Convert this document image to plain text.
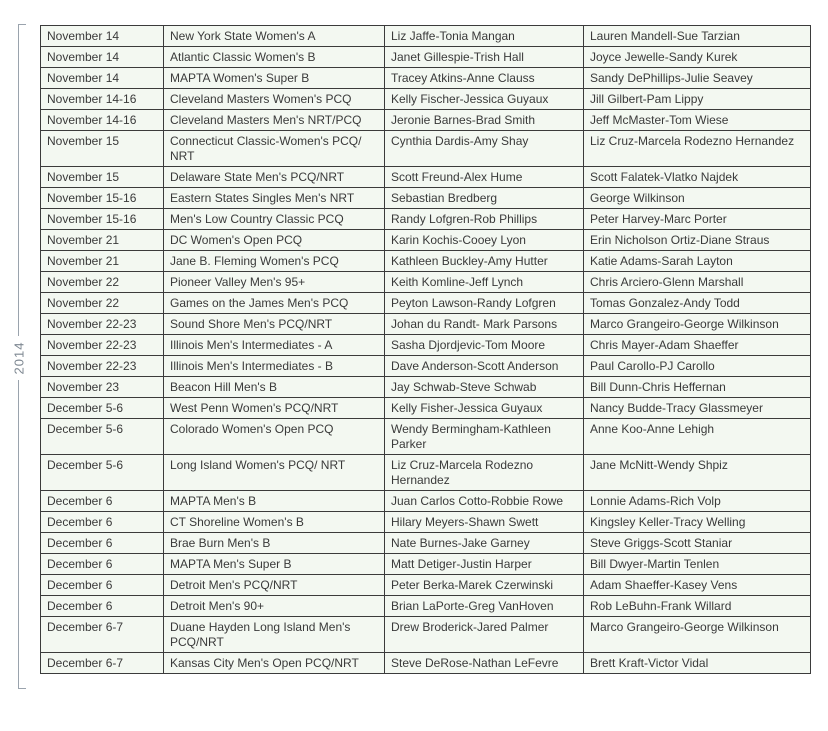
2014
November 14	New York State Women's A	Liz Jaffe-Tonia Mangan	Lauren Mandell-Sue Tarzian
November 14	Atlantic Classic Women's B	Janet Gillespie-Trish Hall	Joyce Jewelle-Sandy Kurek
November 14	MAPTA Women's Super B	Tracey Atkins-Anne Clauss	Sandy DePhillips-Julie Seavey
November 14-16	Cleveland Masters Women's PCQ	Kelly Fischer-Jessica Guyaux	Jill Gilbert-Pam Lippy
November 14-16	Cleveland Masters Men's NRT/PCQ	Jeronie Barnes-Brad Smith	Jeff McMaster-Tom Wiese
November 15	Connecticut Classic-Women's PCQ/ NRT	Cynthia Dardis-Amy Shay	Liz Cruz-Marcela Rodezno Hernandez
November 15	Delaware State Men's PCQ/NRT	Scott Freund-Alex Hume	Scott Falatek-Vlatko Najdek
November 15-16	Eastern States Singles Men's NRT	Sebastian Bredberg	George Wilkinson
November 15-16	Men's Low Country Classic PCQ	Randy Lofgren-Rob Phillips	Peter Harvey-Marc Porter
November 21	DC Women's Open PCQ	Karin Kochis-Cooey Lyon	Erin Nicholson Ortiz-Diane Straus
November 21	Jane B. Fleming Women's PCQ	Kathleen Buckley-Amy Hutter	Katie Adams-Sarah Layton
November 22	Pioneer Valley Men's 95+	Keith Komline-Jeff Lynch	Chris Arciero-Glenn Marshall
November 22	Games on the James Men's PCQ	Peyton Lawson-Randy Lofgren	Tomas Gonzalez-Andy Todd
November 22-23	Sound Shore Men's PCQ/NRT	Johan du Randt- Mark Parsons	Marco Grangeiro-George Wilkinson
November 22-23	Illinois Men's Intermediates - A	Sasha Djordjevic-Tom Moore	Chris Mayer-Adam Shaeffer
November 22-23	Illinois Men's Intermediates - B	Dave Anderson-Scott Anderson	Paul Carollo-PJ Carollo
November 23	Beacon Hill Men's B	Jay Schwab-Steve Schwab	Bill Dunn-Chris Heffernan
December 5-6	West Penn Women's PCQ/NRT	Kelly Fisher-Jessica Guyaux	Nancy Budde-Tracy Glassmeyer
December 5-6	Colorado Women's Open PCQ	Wendy Bermingham-Kathleen Parker	Anne Koo-Anne Lehigh
December 5-6	Long Island Women's PCQ/ NRT	Liz Cruz-Marcela Rodezno Hernandez	Jane McNitt-Wendy Shpiz
December 6	MAPTA Men's B	Juan Carlos Cotto-Robbie Rowe	Lonnie Adams-Rich Volp
December 6	CT Shoreline Women's B	Hilary Meyers-Shawn Swett	Kingsley Keller-Tracy Welling
December 6	Brae Burn Men's B	Nate Burnes-Jake Garney	Steve Griggs-Scott Staniar
December 6	MAPTA Men's Super B	Matt Detiger-Justin Harper	Bill Dwyer-Martin Tenlen
December 6	Detroit Men's PCQ/NRT	Peter Berka-Marek Czerwinski	Adam Shaeffer-Kasey Vens
December 6	Detroit Men's 90+	Brian LaPorte-Greg VanHoven	Rob LeBuhn-Frank Willard
December 6-7	Duane Hayden Long Island Men's PCQ/NRT	Drew Broderick-Jared Palmer	Marco Grangeiro-George Wilkinson
December 6-7	Kansas City Men's Open PCQ/NRT	Steve DeRose-Nathan LeFevre	Brett Kraft-Victor Vidal
